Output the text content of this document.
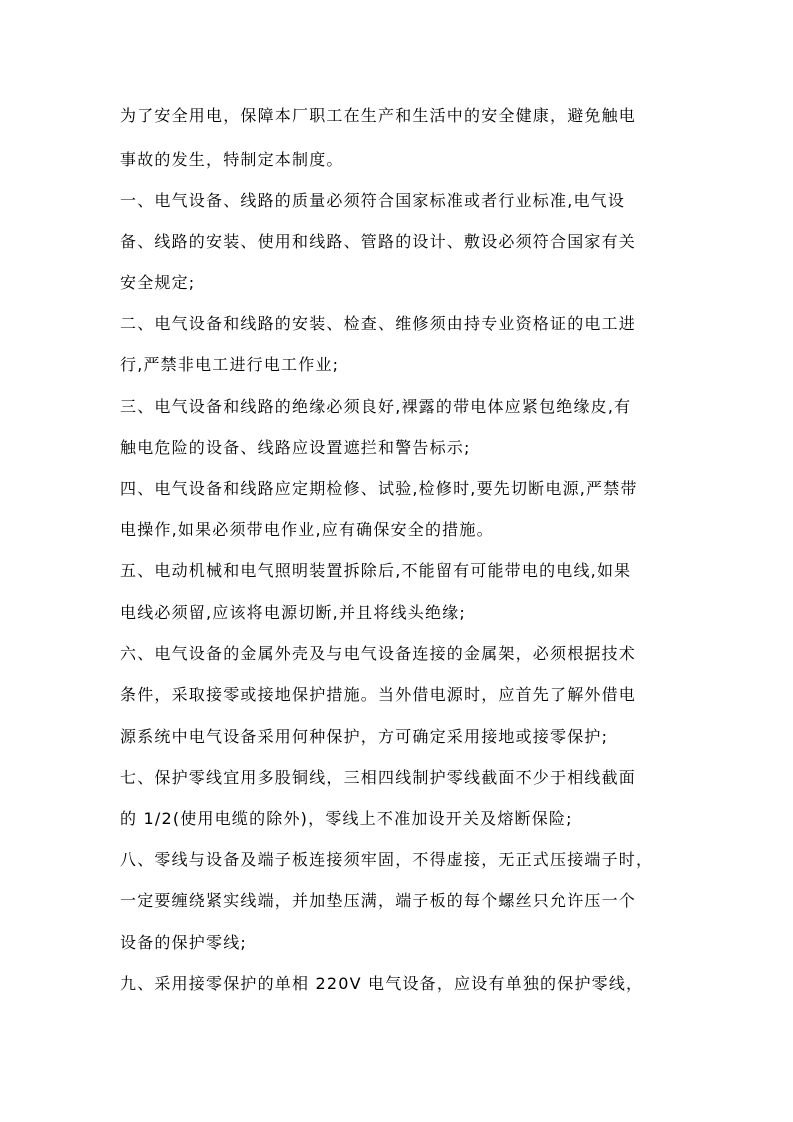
为了安全用电，保障本厂职工在生产和生活中的安全健康，避免触电
事故的发生，特制定本制度。
一、电气设备、线路的质量必须符合国家标准或者行业标准,电气设
备、线路的安装、使用和线路、管路的设计、敷设必须符合国家有关
安全规定;
二、电气设备和线路的安装、检查、维修须由持专业资格证的电工进
行,严禁非电工进行电工作业;
三、电气设备和线路的绝缘必须良好,裸露的带电体应紧包绝缘皮,有
触电危险的设备、线路应设置遮拦和警告标示;
四、电气设备和线路应定期检修、试验,检修时,要先切断电源,严禁带
电操作,如果必须带电作业,应有确保安全的措施。
五、电动机械和电气照明装置拆除后,不能留有可能带电的电线,如果
电线必须留,应该将电源切断,并且将线头绝缘;
六、电气设备的金属外壳及与电气设备连接的金属架，必须根据技术
条件，采取接零或接地保护措施。当外借电源时，应首先了解外借电
源系统中电气设备采用何种保护，方可确定采用接地或接零保护;
七、保护零线宜用多股铜线，三相四线制护零线截面不少于相线截面
的 1/2(使用电缆的除外)，零线上不准加设开关及熔断保险;
八、零线与设备及端子板连接须牢固，不得虚接，无正式压接端子时，
一定要缠绕紧实线端，并加垫压满，端子板的每个螺丝只允许压一个
设备的保护零线;
九、采用接零保护的单相 220V 电气设备，应设有单独的保护零线，
